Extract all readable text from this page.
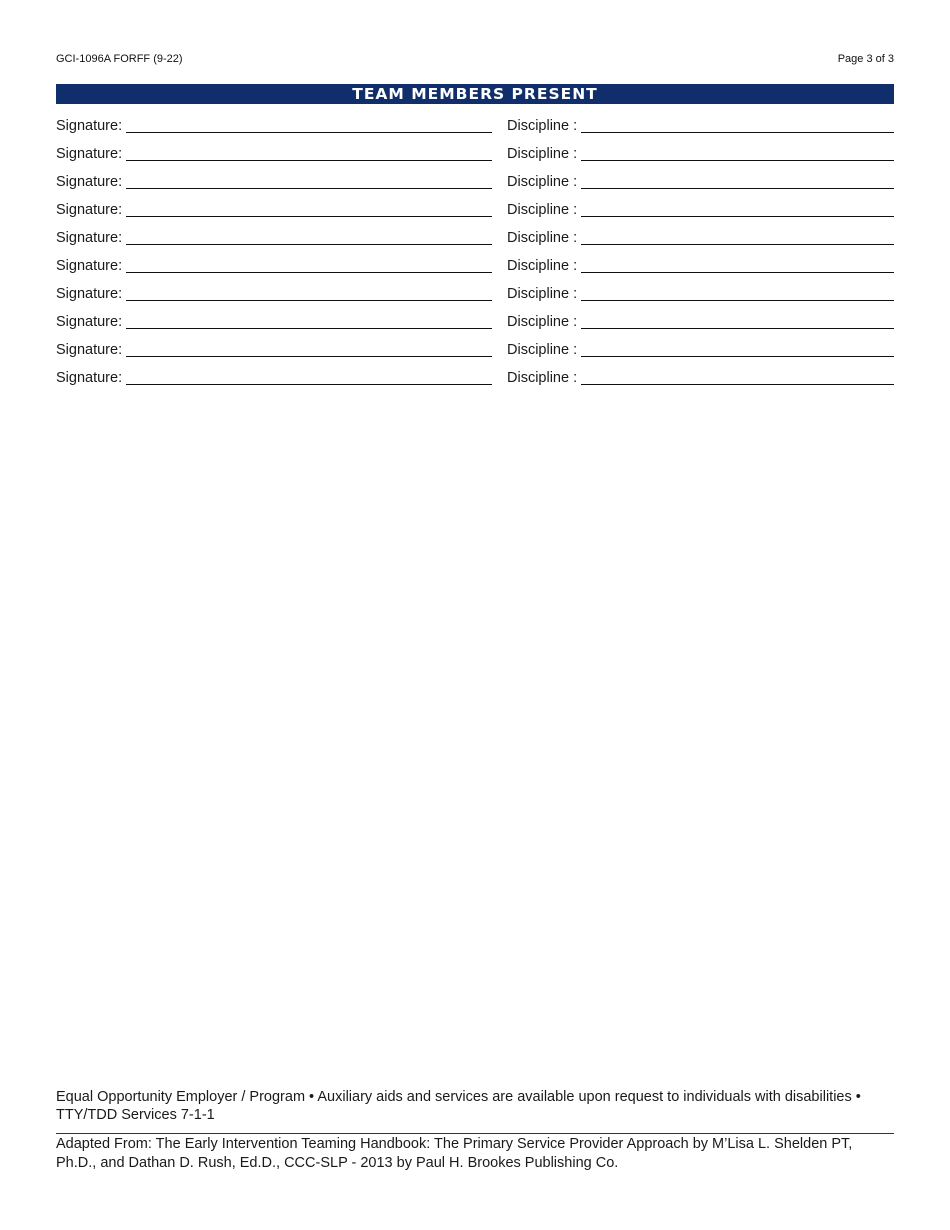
GCI-1096A FORFF (9-22)	Page 3 of 3
TEAM MEMBERS PRESENT
Signature:	Discipline :
Signature:	Discipline :
Signature:	Discipline :
Signature:	Discipline :
Signature:	Discipline :
Signature:	Discipline :
Signature:	Discipline :
Signature:	Discipline :
Signature:	Discipline :
Signature:	Discipline :
Equal Opportunity Employer / Program • Auxiliary aids and services are available upon request to individuals with disabilities • TTY/TDD Services 7-1-1
Adapted From: The Early Intervention Teaming Handbook: The Primary Service Provider Approach by M’Lisa L. Shelden PT, Ph.D., and Dathan D. Rush, Ed.D., CCC-SLP - 2013 by Paul H. Brookes Publishing Co.
